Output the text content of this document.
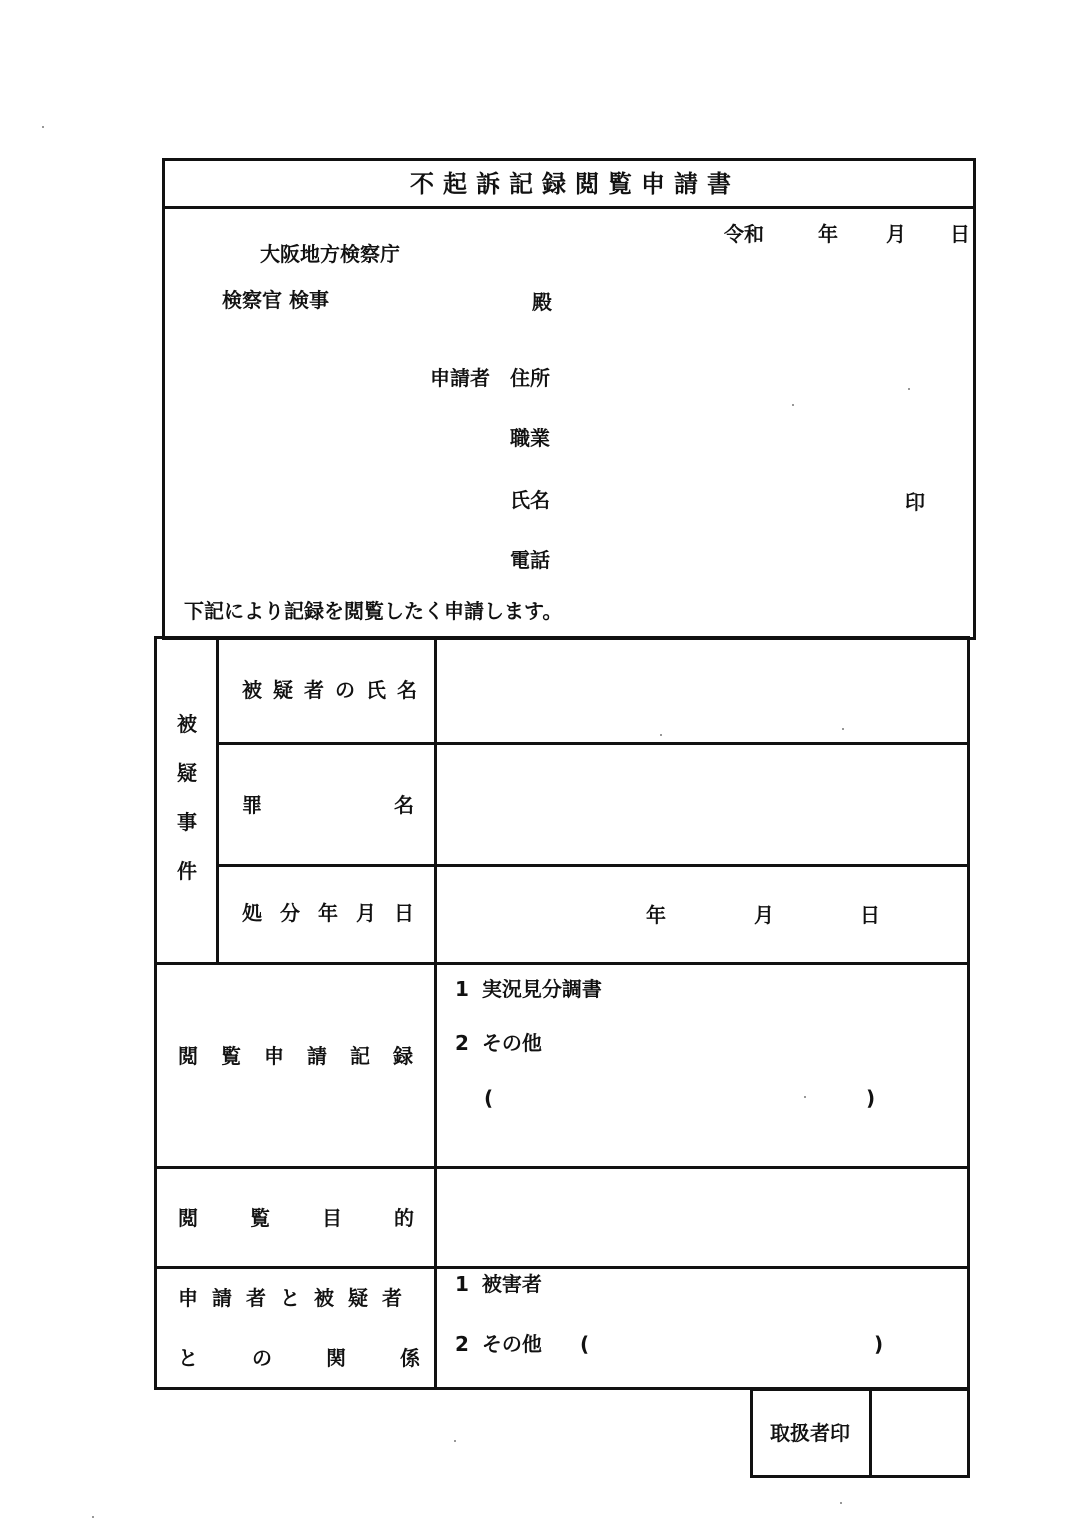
不起訴記録閲覧申請書
令和	年 月 日
大阪地方検察庁
検察官 検事	殿
申請者 住所
職業
氏名	印
電話
下記により記録を閲覧したく申請します。
被
疑
事
件
被疑者の氏名
罪	名
処分年月日	年	月	日
閲覧申請記録
1 実況見分調書
2 その他
(	)
閲覧目的
申請者と被疑者
との関係
1 被害者
2 その他 (	)
取扱者印
